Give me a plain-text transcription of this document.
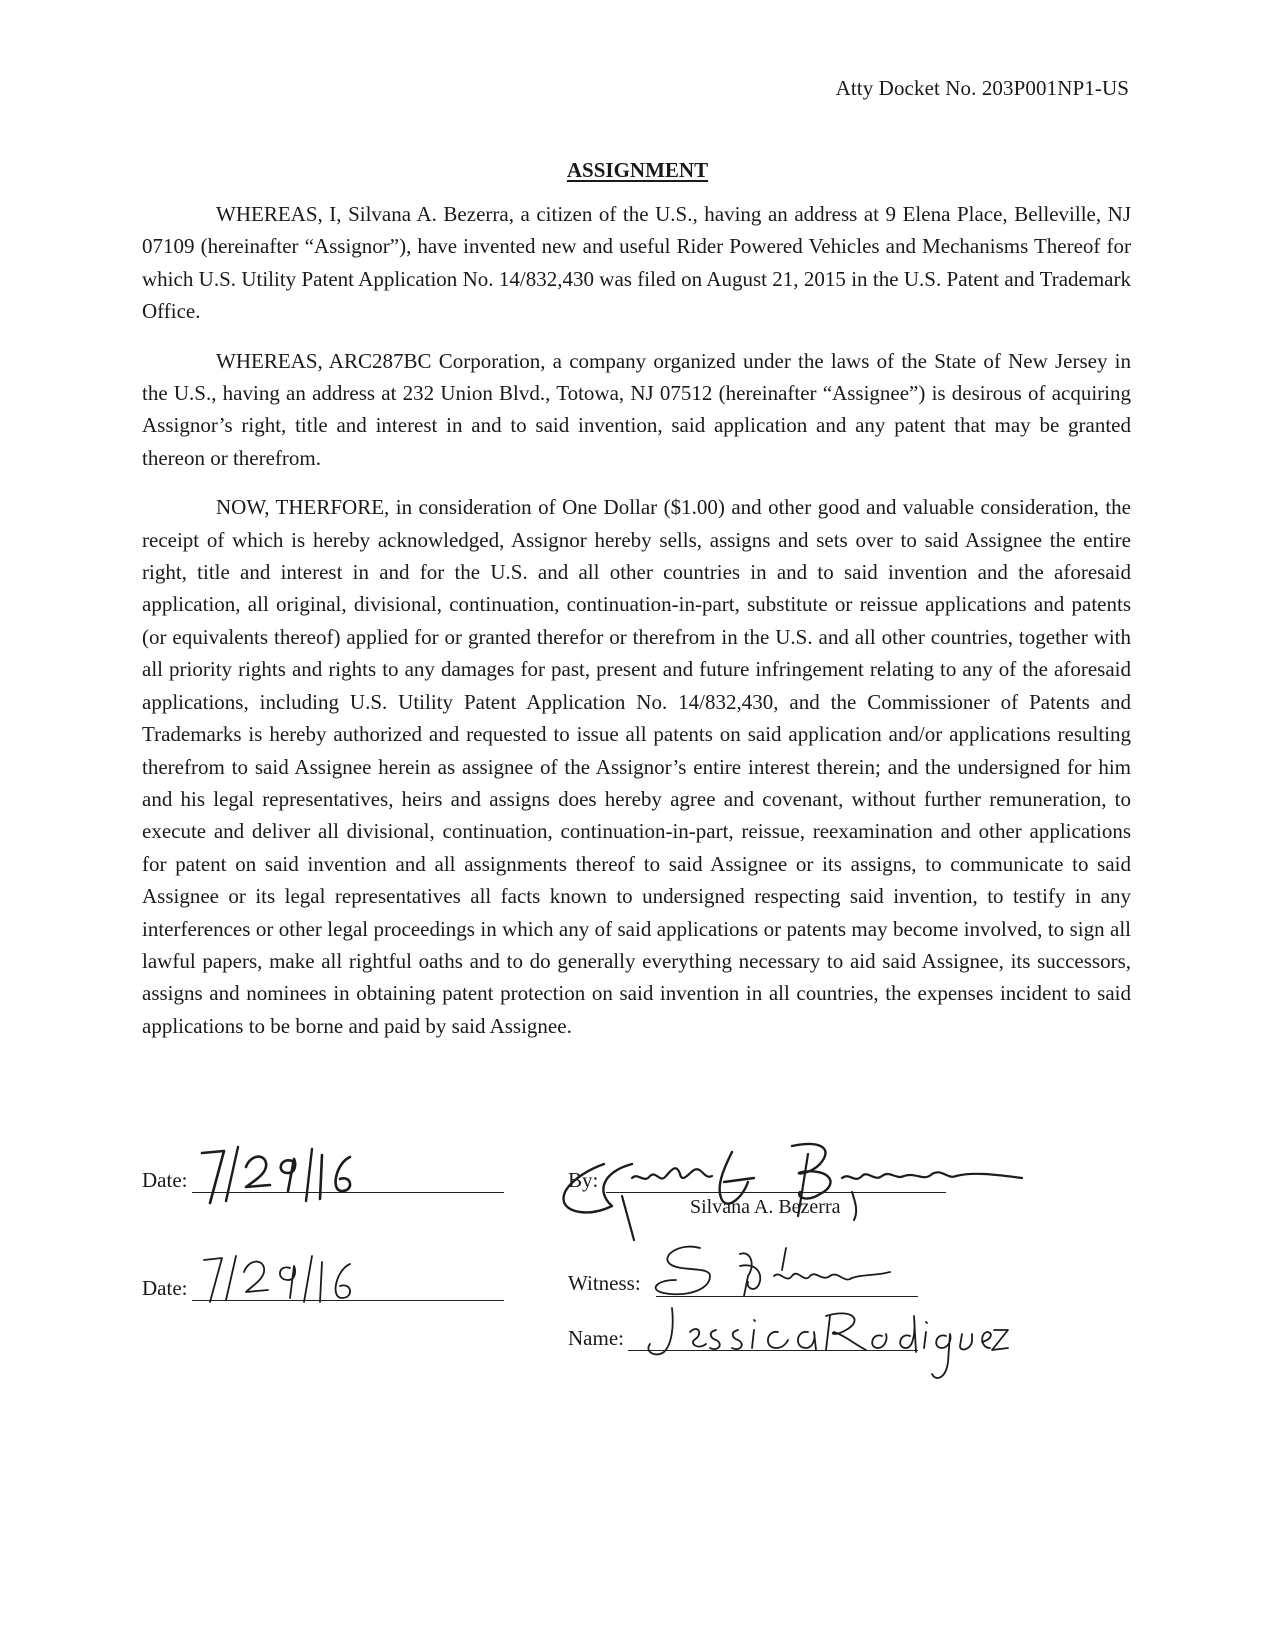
Atty Docket No. 203P001NP1-US
ASSIGNMENT

WHEREAS, I, Silvana A. Bezerra, a citizen of the U.S., having an address at 9 Elena Place, Belleville, NJ 07109 (hereinafter “Assignor”), have invented new and useful Rider Powered Vehicles and Mechanisms Thereof for which U.S. Utility Patent Application No. 14/832,430 was filed on August 21, 2015 in the U.S. Patent and Trademark Office.

WHEREAS, ARC287BC Corporation, a company organized under the laws of the State of New Jersey in the U.S., having an address at 232 Union Blvd., Totowa, NJ 07512 (hereinafter “Assignee”) is desirous of acquiring Assignor’s right, title and interest in and to said invention, said application and any patent that may be granted thereon or therefrom.

NOW, THERFORE, in consideration of One Dollar ($1.00) and other good and valuable consideration, the receipt of which is hereby acknowledged, Assignor hereby sells, assigns and sets over to said Assignee the entire right, title and interest in and for the U.S. and all other countries in and to said invention and the aforesaid application, all original, divisional, continuation, continuation-in-part, substitute or reissue applications and patents (or equivalents thereof) applied for or granted therefor or therefrom in the U.S. and all other countries, together with all priority rights and rights to any damages for past, present and future infringement relating to any of the aforesaid applications, including U.S. Utility Patent Application No. 14/832,430, and the Commissioner of Patents and Trademarks is hereby authorized and requested to issue all patents on said application and/or applications resulting therefrom to said Assignee herein as assignee of the Assignor’s entire interest therein; and the undersigned for him and his legal representatives, heirs and assigns does hereby agree and covenant, without further remuneration, to execute and deliver all divisional, continuation, continuation-in-part, reissue, reexamination and other applications for patent on said invention and all assignments thereof to said Assignee or its assigns, to communicate to said Assignee or its legal representatives all facts known to undersigned respecting said invention, to testify in any interferences or other legal proceedings in which any of said applications or patents may become involved, to sign all lawful papers, make all rightful oaths and to do generally everything necessary to aid said Assignee, its successors, assigns and nominees in obtaining patent protection on said invention in all countries, the expenses incident to said applications to be borne and paid by said Assignee.

Date:
Date:
By:
Silvana A. Bezerra
Witness:
Name:
